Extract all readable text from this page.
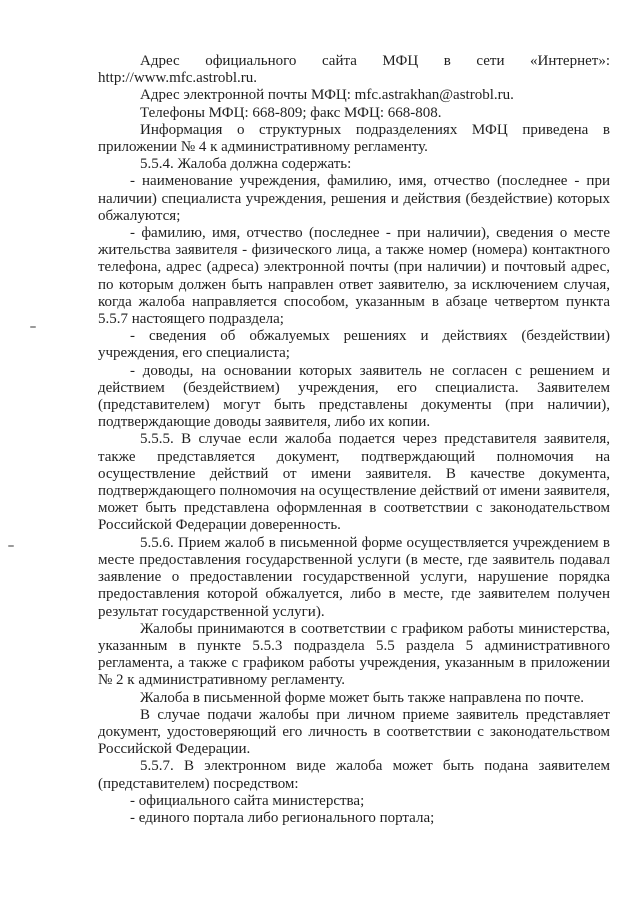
Адрес официального сайта МФЦ в сети «Интернет»: http://www.mfc.astrobl.ru.

Адрес электронной почты МФЦ: mfc.astrakhan@astrobl.ru.

Телефоны МФЦ: 668-809; факс МФЦ: 668-808.

Информация о структурных подразделениях МФЦ приведена в приложении № 4 к административному регламенту.

5.5.4. Жалоба должна содержать:

- наименование учреждения, фамилию, имя, отчество (последнее - при наличии) специалиста учреждения, решения и действия (бездействие) которых обжалуются;

- фамилию, имя, отчество (последнее - при наличии), сведения о месте жительства заявителя - физического лица, а также номер (номера) контактного телефона, адрес (адреса) электронной почты (при наличии) и почтовый адрес, по которым должен быть направлен ответ заявителю, за исключением случая, когда жалоба направляется способом, указанным в абзаце четвертом пункта 5.5.7 настоящего подраздела;

- сведения об обжалуемых решениях и действиях (бездействии) учреждения, его специалиста;

- доводы, на основании которых заявитель не согласен с решением и действием (бездействием) учреждения, его специалиста. Заявителем (представителем) могут быть представлены документы (при наличии), подтверждающие доводы заявителя, либо их копии.

5.5.5. В случае если жалоба подается через представителя заявителя, также представляется документ, подтверждающий полномочия на осуществление действий от имени заявителя. В качестве документа, подтверждающего полномочия на осуществление действий от имени заявителя, может быть представлена оформленная в соответствии с законодательством Российской Федерации доверенность.

5.5.6. Прием жалоб в письменной форме осуществляется учреждением в месте предоставления государственной услуги (в месте, где заявитель подавал заявление о предоставлении государственной услуги, нарушение порядка предоставления которой обжалуется, либо в месте, где заявителем получен результат государственной услуги).

Жалобы принимаются в соответствии с графиком работы министерства, указанным в пункте 5.5.3 подраздела 5.5 раздела 5 административного регламента, а также с графиком работы учреждения, указанным в приложении № 2 к административному регламенту.

Жалоба в письменной форме может быть также направлена по почте.

В случае подачи жалобы при личном приеме заявитель представляет документ, удостоверяющий его личность в соответствии с законодательством Российской Федерации.

5.5.7. В электронном виде жалоба может быть подана заявителем (представителем) посредством:

- официального сайта министерства;

- единого портала либо регионального портала;
